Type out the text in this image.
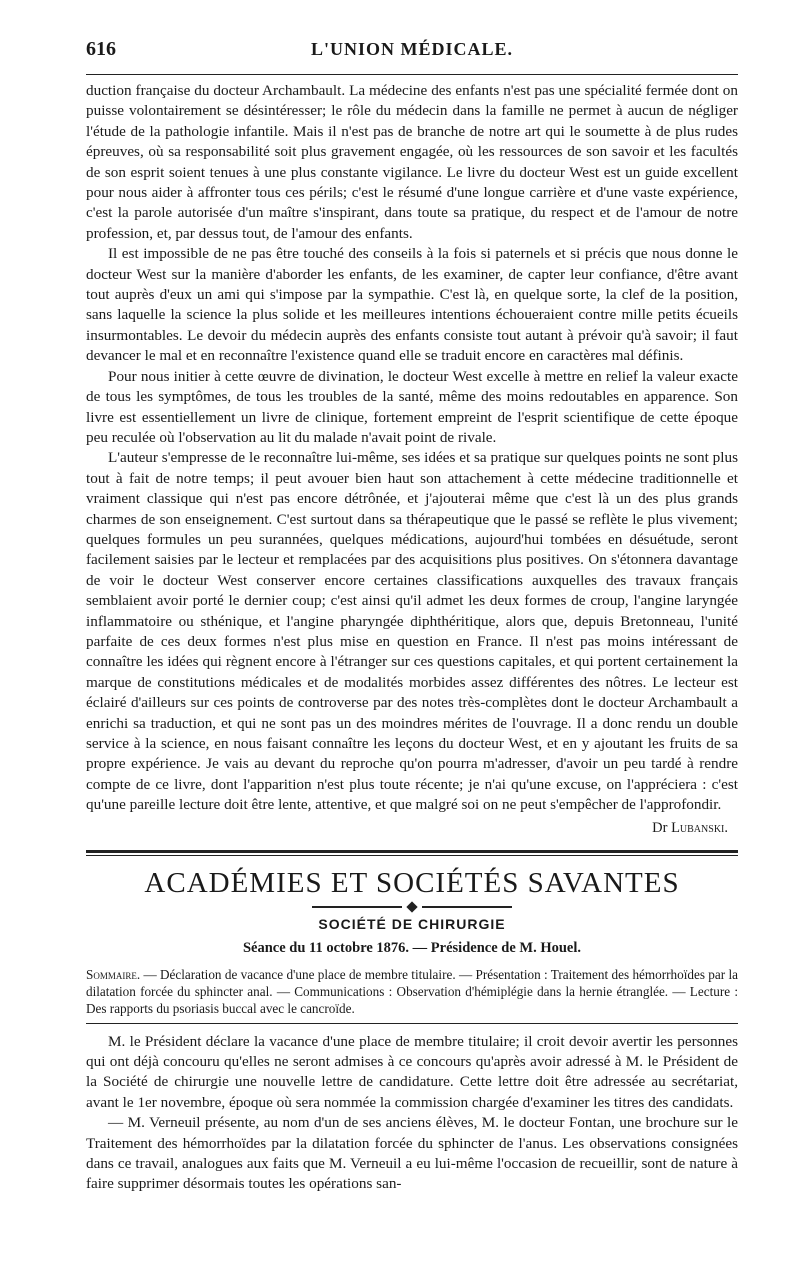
616	L'UNION MÉDICALE.

duction française du docteur Archambault. La médecine des enfants n'est pas une spécialité fermée dont on puisse volontairement se désintéresser; le rôle du médecin dans la famille ne permet à aucun de négliger l'étude de la pathologie infantile. Mais il n'est pas de branche de notre art qui le soumette à de plus rudes épreuves, où sa responsabilité soit plus gravement engagée, où les ressources de son savoir et les facultés de son esprit soient tenues à une plus constante vigilance. Le livre du docteur West est un guide excellent pour nous aider à affronter tous ces périls; c'est le résumé d'une longue carrière et d'une vaste expérience, c'est la parole autorisée d'un maître s'inspirant, dans toute sa pratique, du respect et de l'amour de notre profession, et, par dessus tout, de l'amour des enfants.

Il est impossible de ne pas être touché des conseils à la fois si paternels et si précis que nous donne le docteur West sur la manière d'aborder les enfants, de les examiner, de capter leur confiance, d'être avant tout auprès d'eux un ami qui s'impose par la sympathie. C'est là, en quelque sorte, la clef de la position, sans laquelle la science la plus solide et les meilleures intentions échoueraient contre mille petits écueils insurmontables. Le devoir du médecin auprès des enfants consiste tout autant à prévoir qu'à savoir; il faut devancer le mal et en reconnaître l'existence quand elle se traduit encore en caractères mal définis.

Pour nous initier à cette œuvre de divination, le docteur West excelle à mettre en relief la valeur exacte de tous les symptômes, de tous les troubles de la santé, même des moins redoutables en apparence. Son livre est essentiellement un livre de clinique, fortement empreint de l'esprit scientifique de cette époque peu reculée où l'observation au lit du malade n'avait point de rivale.

L'auteur s'empresse de le reconnaître lui-même, ses idées et sa pratique sur quelques points ne sont plus tout à fait de notre temps; il peut avouer bien haut son attachement à cette médecine traditionnelle et vraiment classique qui n'est pas encore détrônée, et j'ajouterai même que c'est là un des plus grands charmes de son enseignement. C'est surtout dans sa thérapeutique que le passé se reflète le plus vivement; quelques formules un peu surannées, quelques médications, aujourd'hui tombées en désuétude, seront facilement saisies par le lecteur et remplacées par des acquisitions plus positives. On s'étonnera davantage de voir le docteur West conserver encore certaines classifications auxquelles des travaux français semblaient avoir porté le dernier coup; c'est ainsi qu'il admet les deux formes de croup, l'angine laryngée inflammatoire ou sthénique, et l'angine pharyngée diphthéritique, alors que, depuis Bretonneau, l'unité parfaite de ces deux formes n'est plus mise en question en France. Il n'est pas moins intéressant de connaître les idées qui règnent encore à l'étranger sur ces questions capitales, et qui portent certainement la marque de constitutions médicales et de modalités morbides assez différentes des nôtres. Le lecteur est éclairé d'ailleurs sur ces points de controverse par des notes très-complètes dont le docteur Archambault a enrichi sa traduction, et qui ne sont pas un des moindres mérites de l'ouvrage. Il a donc rendu un double service à la science, en nous faisant connaître les leçons du docteur West, et en y ajoutant les fruits de sa propre expérience. Je vais au devant du reproche qu'on pourra m'adresser, d'avoir un peu tardé à rendre compte de ce livre, dont l'apparition n'est plus toute récente; je n'ai qu'une excuse, on l'appréciera : c'est qu'une pareille lecture doit être lente, attentive, et que malgré soi on ne peut s'empêcher de l'approfondir.

Dr Lubanski.
ACADÉMIES ET SOCIÉTÉS SAVANTES
SOCIÉTÉ DE CHIRURGIE
Séance du 11 octobre 1876. — Présidence de M. Houel.
Sommaire. — Déclaration de vacance d'une place de membre titulaire. — Présentation : Traitement des hémorrhoïdes par la dilatation forcée du sphincter anal. — Communications : Observation d'hémiplégie dans la hernie étranglée. — Lecture : Des rapports du psoriasis buccal avec le cancroïde.

M. le Président déclare la vacance d'une place de membre titulaire; il croit devoir avertir les personnes qui ont déjà concouru qu'elles ne seront admises à ce concours qu'après avoir adressé à M. le Président de la Société de chirurgie une nouvelle lettre de candidature. Cette lettre doit être adressée au secrétariat, avant le 1er novembre, époque où sera nommée la commission chargée d'examiner les titres des candidats.

— M. Verneuil présente, au nom d'un de ses anciens élèves, M. le docteur Fontan, une brochure sur le Traitement des hémorrhoïdes par la dilatation forcée du sphincter de l'anus. Les observations consignées dans ce travail, analogues aux faits que M. Verneuil a eu lui-même l'occasion de recueillir, sont de nature à faire supprimer désormais toutes les opérations san-
